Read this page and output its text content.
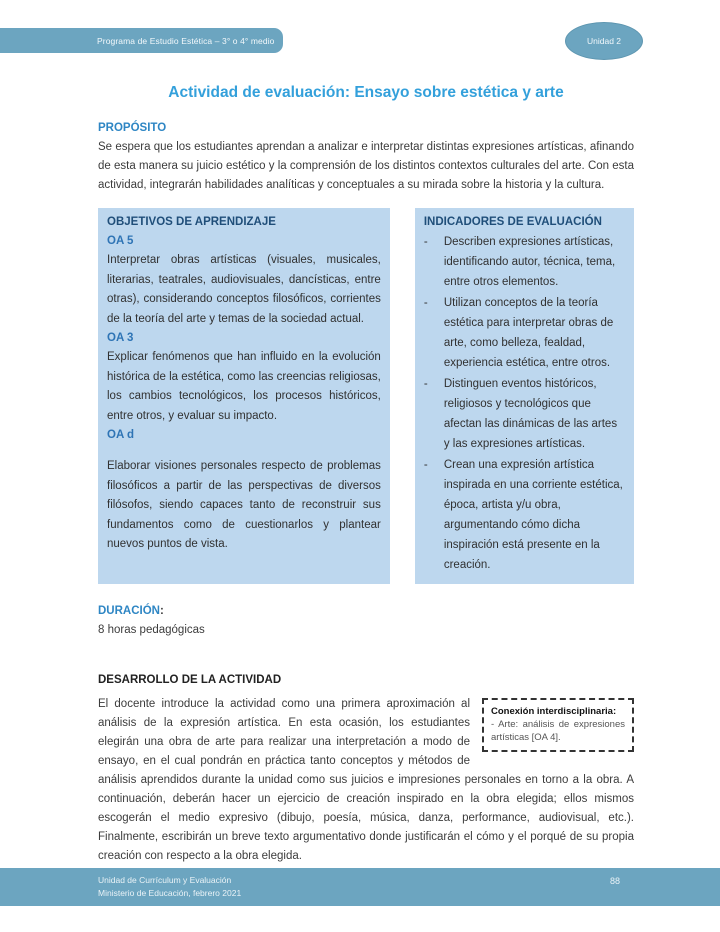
Programa de Estudio Estética – 3° o 4° medio	Unidad 2
Actividad de evaluación: Ensayo sobre estética y arte
PROPÓSITO

Se espera que los estudiantes aprendan a analizar e interpretar distintas expresiones artísticas, afinando de esta manera su juicio estético y la comprensión de los distintos contextos culturales del arte. Con esta actividad, integrarán habilidades analíticas y conceptuales a su mirada sobre la historia y la cultura.

OBJETIVOS DE APRENDIZAJE
OA 5

Interpretar obras artísticas (visuales, musicales, literarias, teatrales, audiovisuales, dancísticas, entre otras), considerando conceptos filosóficos, corrientes de la teoría del arte y temas de la sociedad actual.

OA 3

Explicar fenómenos que han influido en la evolución histórica de la estética, como las creencias religiosas, los cambios tecnológicos, los procesos históricos, entre otros, y evaluar su impacto.

OA d

Elaborar visiones personales respecto de problemas filosóficos a partir de las perspectivas de diversos filósofos, siendo capaces tanto de reconstruir sus fundamentos como de cuestionarlos y plantear nuevos puntos de vista.

INDICADORES DE EVALUACIÓN
-	Describen expresiones artísticas, identificando autor, técnica, tema, entre otros elementos.
-	Utilizan conceptos de la teoría estética para interpretar obras de arte, como belleza, fealdad, experiencia estética, entre otros.
-	Distinguen eventos históricos, religiosos y tecnológicos que afectan las dinámicas de las artes y las expresiones artísticas.
-	Crean una expresión artística inspirada en una corriente estética, época, artista y/u obra, argumentando cómo dicha inspiración está presente en la creación.
DURACIÓN:
8 horas pedagógicas
DESARROLLO DE LA ACTIVIDAD
Conexión interdisciplinaria:
- Arte: análisis de expresiones artísticas [OA 4].
El docente introduce la actividad como una primera aproximación al análisis de la expresión artística. En esta ocasión, los estudiantes elegirán una obra de arte para realizar una interpretación a modo de ensayo, en el cual pondrán en práctica tanto conceptos y métodos de análisis aprendidos durante la unidad como sus juicios e impresiones personales en torno a la obra. A continuación, deberán hacer un ejercicio de creación inspirado en la obra elegida; ellos mismos escogerán el medio expresivo (dibujo, poesía, música, danza, performance, audiovisual, etc.). Finalmente, escribirán un breve texto argumentativo donde justificarán el cómo y el porqué de su propia creación con respecto a la obra elegida.
Unidad de Currículum y Evaluación
Ministerio de Educación, febrero 2021
88
